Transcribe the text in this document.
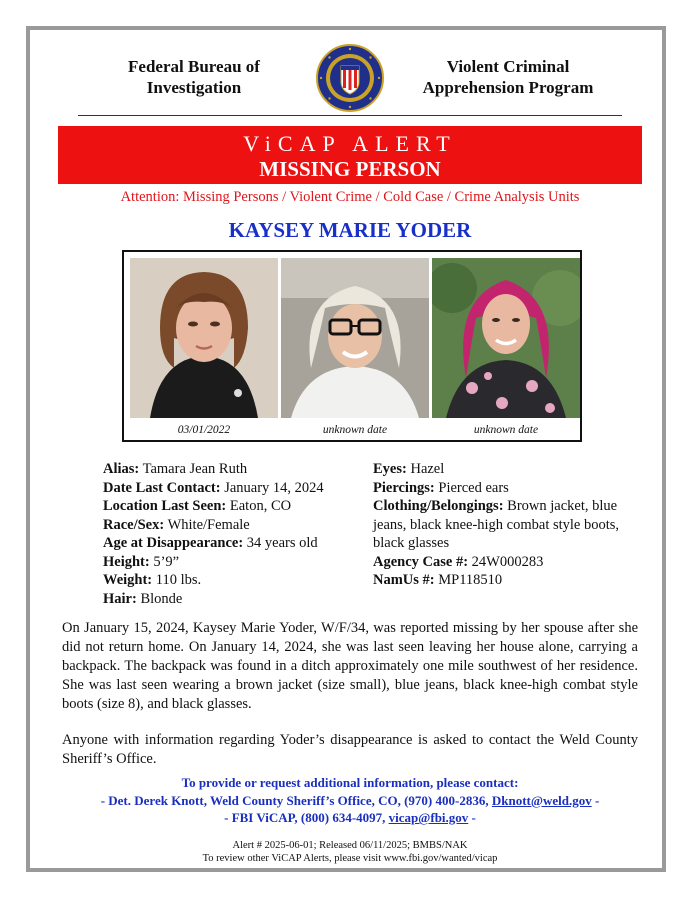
Federal Bureau of
Investigation
Violent Criminal
Apprehension Program
ViCAP ALERT
MISSING PERSON
Attention: Missing Persons / Violent Crime / Cold Case / Crime Analysis Units
KAYSEY MARIE YODER
03/01/2022	unknown date	unknown date
Alias: Tamara Jean Ruth
Date Last Contact: January 14, 2024
Location Last Seen: Eaton, CO
Race/Sex: White/Female
Age at Disappearance: 34 years old
Height: 5’9”
Weight: 110 lbs.
Hair: Blonde
Eyes: Hazel
Piercings: Pierced ears
Clothing/Belongings: Brown jacket, blue jeans, black knee-high combat style boots, black glasses
Agency Case #: 24W000283
NamUs #: MP118510
On January 15, 2024, Kaysey Marie Yoder, W/F/34, was reported missing by her spouse after she did not return home. On January 14, 2024, she was last seen leaving her house alone, carrying a backpack. The backpack was found in a ditch approximately one mile southwest of her residence. She was last seen wearing a brown jacket (size small), blue jeans, black knee-high combat style boots (size 8), and black glasses.
Anyone with information regarding Yoder’s disappearance is asked to contact the Weld County Sheriff’s Office.
To provide or request additional information, please contact:
- Det. Derek Knott, Weld County Sheriff’s Office, CO, (970) 400-2836, Dknott@weld.gov -
- FBI ViCAP, (800) 634-4097, vicap@fbi.gov -
Alert # 2025-06-01; Released 06/11/2025; BMBS/NAK
To review other ViCAP Alerts, please visit www.fbi.gov/wanted/vicap
